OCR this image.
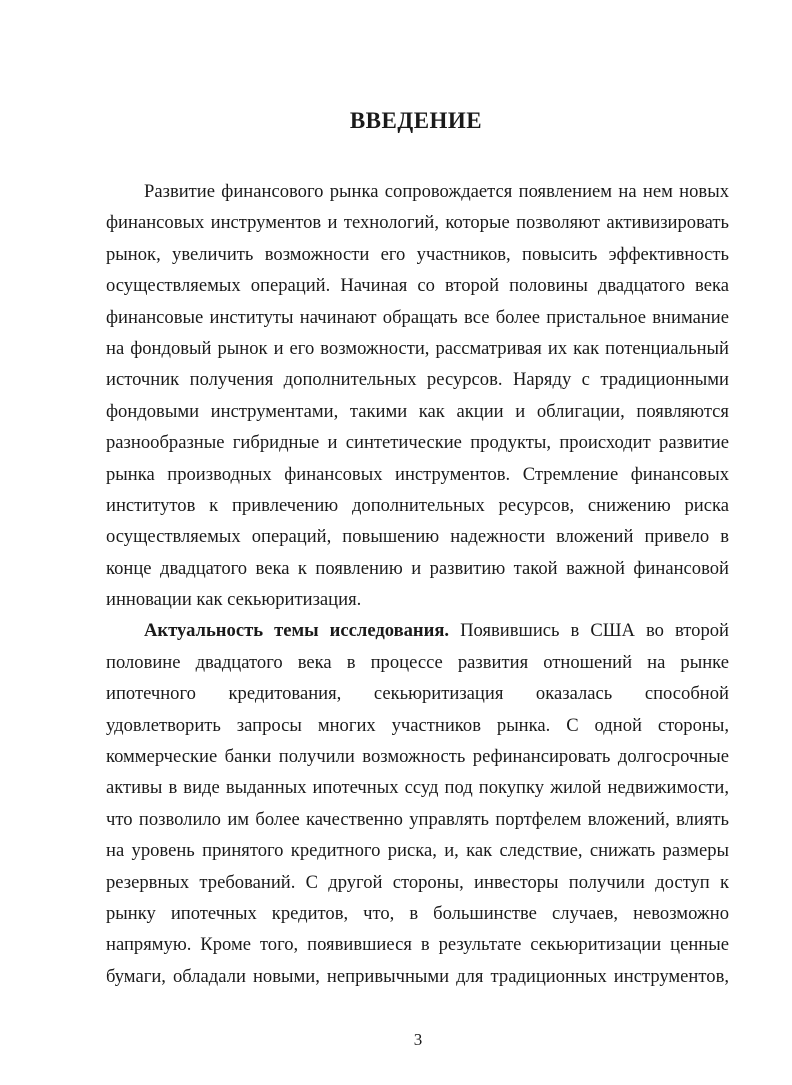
ВВЕДЕНИЕ
Развитие финансового рынка сопровождается появлением на нем новых
финансовых инструментов и технологий, которые позволяют активизировать
рынок, увеличить возможности его участников, повысить эффективность
осуществляемых операций. Начиная со второй половины двадцатого века
финансовые институты начинают обращать все более пристальное внимание
на фондовый рынок и его возможности, рассматривая их как потенциальный
источник получения дополнительных ресурсов. Наряду с традиционными
фондовыми инструментами, такими как акции и облигации, появляются
разнообразные гибридные и синтетические продукты, происходит развитие
рынка производных финансовых инструментов. Стремление финансовых
институтов к привлечению дополнительных ресурсов, снижению риска
осуществляемых операций, повышению надежности вложений привело в
конце двадцатого века к появлению и развитию такой важной финансовой
инновации как секьюритизация.
Актуальность темы исследования. Появившись в США во второй
половине двадцатого века в процессе развития отношений на рынке
ипотечного кредитования, секьюритизация оказалась способной
удовлетворить запросы многих участников рынка. С одной стороны,
коммерческие банки получили возможность рефинансировать долгосрочные
активы в виде выданных ипотечных ссуд под покупку жилой недвижимости,
что позволило им более качественно управлять портфелем вложений, влиять
на уровень принятого кредитного риска, и, как следствие, снижать размеры
резервных требований. С другой стороны, инвесторы получили доступ к
рынку ипотечных кредитов, что, в большинстве случаев, невозможно
напрямую. Кроме того, появившиеся в результате секьюритизации ценные
бумаги, обладали новыми, непривычными для традиционных инструментов,

3
